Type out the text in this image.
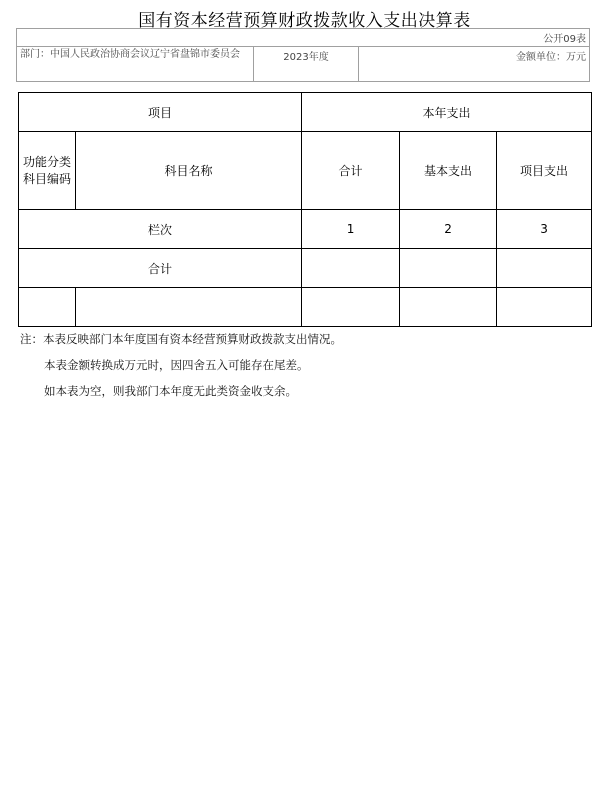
国有资本经营预算财政拨款收入支出决算表
公开09表
部门：中国人民政治协商会议辽宁省盘锦市委员会	2023年度	金额单位：万元
项目		本年支出		
功能分类科目编码	科目名称	合计	基本支出	项目支出
栏次		1	2	3
合计				

注：本表反映部门本年度国有资本经营预算财政拨款支出情况。
本表金额转换成万元时，因四舍五入可能存在尾差。
如本表为空，则我部门本年度无此类资金收支余。
